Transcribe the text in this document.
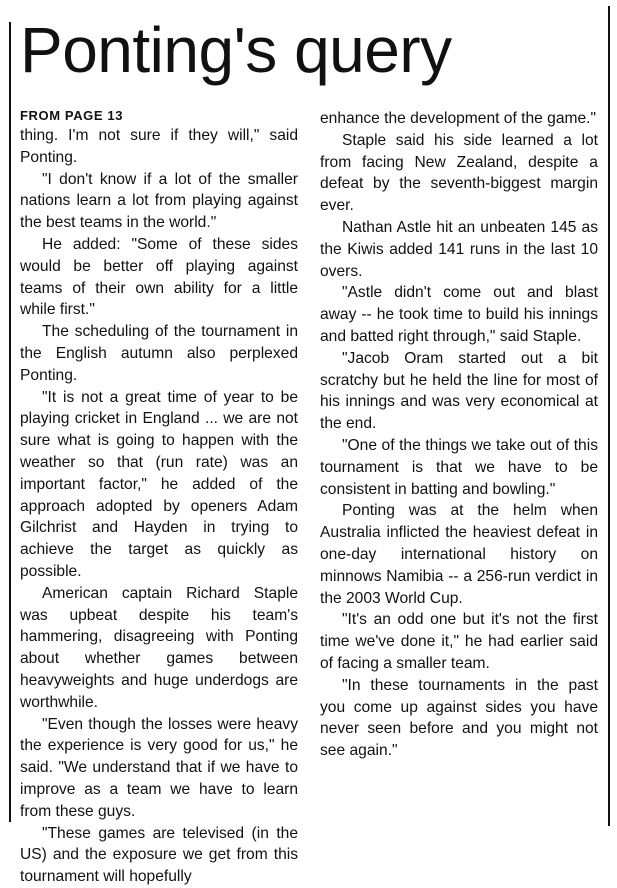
Ponting's query
FROM PAGE 13

thing. I'm not sure if they will," said Ponting.

"I don't know if a lot of the smaller nations learn a lot from playing against the best teams in the world."

He added: "Some of these sides would be better off playing against teams of their own ability for a little while first."

The scheduling of the tournament in the English autumn also perplexed Ponting.

"It is not a great time of year to be playing cricket in England ... we are not sure what is going to happen with the weather so that (run rate) was an important factor," he added of the approach adopted by openers Adam Gilchrist and Hayden in trying to achieve the target as quickly as possible.

American captain Richard Staple was upbeat despite his team's hammering, disagreeing with Ponting about whether games between heavyweights and huge underdogs are worthwhile.

"Even though the losses were heavy the experience is very good for us," he said. "We understand that if we have to improve as a team we have to learn from these guys.

"These games are televised (in the US) and the exposure we get from this tournament will hopefully

enhance the development of the game."

Staple said his side learned a lot from facing New Zealand, despite a defeat by the seventh-biggest margin ever.

Nathan Astle hit an unbeaten 145 as the Kiwis added 141 runs in the last 10 overs.

"Astle didn't come out and blast away -- he took time to build his innings and batted right through," said Staple.

"Jacob Oram started out a bit scratchy but he held the line for most of his innings and was very economical at the end.

"One of the things we take out of this tournament is that we have to be consistent in batting and bowling."

Ponting was at the helm when Australia inflicted the heaviest defeat in one-day international history on minnows Namibia -- a 256-run verdict in the 2003 World Cup.

"It's an odd one but it's not the first time we've done it," he had earlier said of facing a smaller team.

"In these tournaments in the past you come up against sides you have never seen before and you might not see again."
